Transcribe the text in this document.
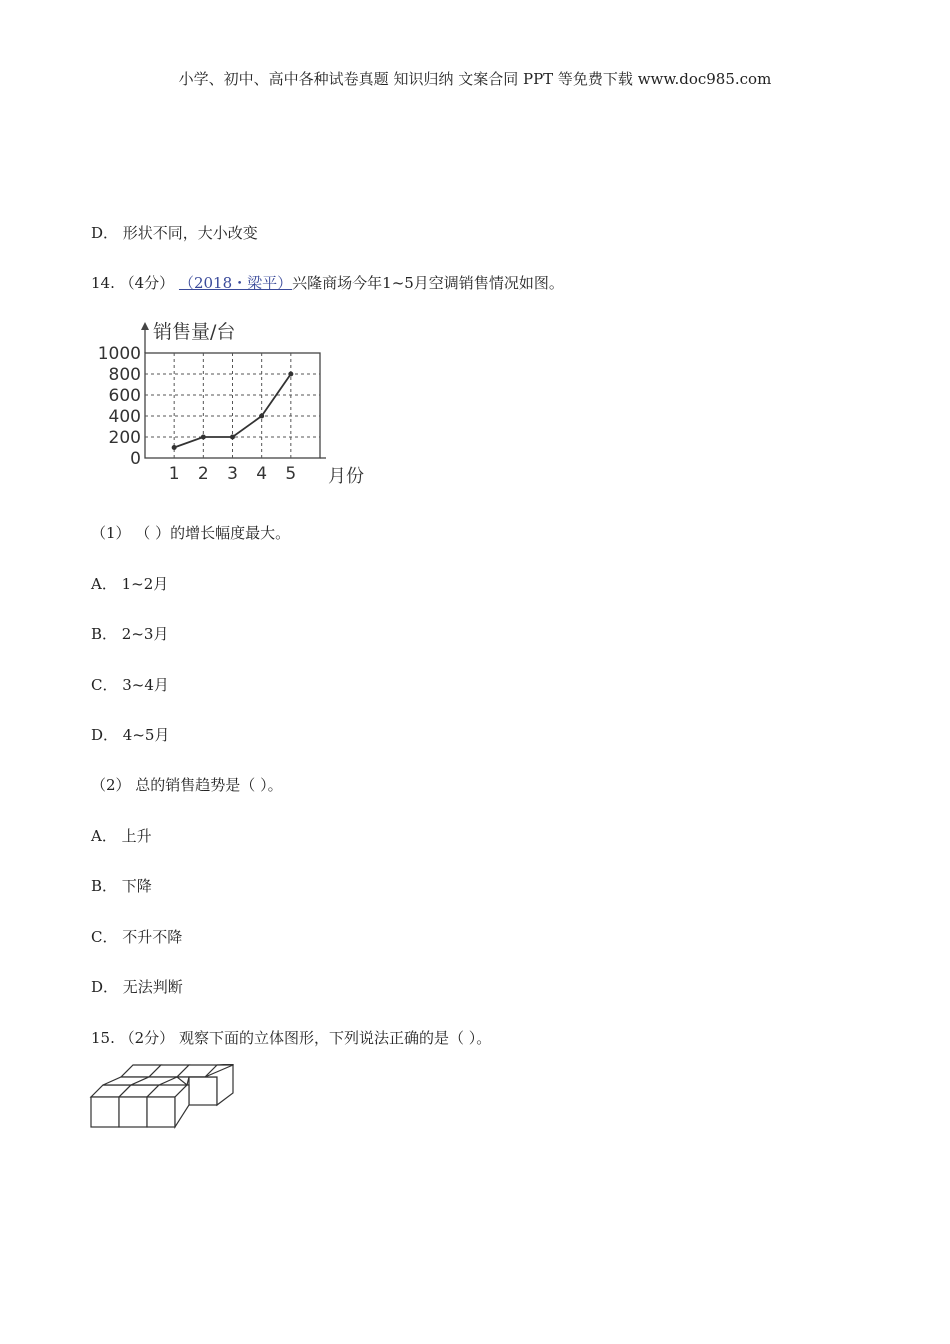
小学、初中、高中各种试卷真题 知识归纳 文案合同 PPT 等免费下载 www.doc985.com
D． 形状不同，大小改变
14. （4分） （2018・梁平）兴隆商场今年1~5月空调销售情况如图。
0
200
400
600
800
1000
1 2 3 4 5
销售量/台
月份
（1） （ ）的增长幅度最大。
A． 1~2月
B． 2~3月
C． 3~4月
D． 4~5月
（2） 总的销售趋势是（ ）。
A． 上升
B． 下降
C． 不升不降
D． 无法判断
15. （2分） 观察下面的立体图形，下列说法正确的是（ ）。
